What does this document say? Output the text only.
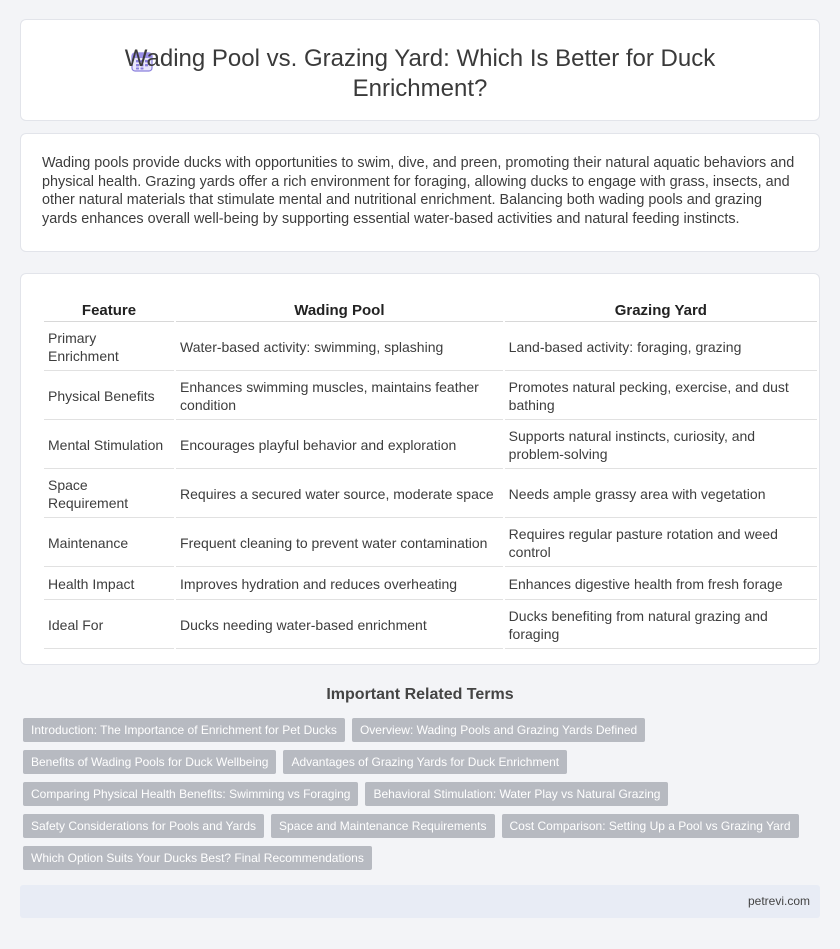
Wading Pool vs. Grazing Yard: Which Is Better for Duck Enrichment?

Wading pools provide ducks with opportunities to swim, dive, and preen, promoting their natural aquatic behaviors and physical health. Grazing yards offer a rich environment for foraging, allowing ducks to engage with grass, insects, and other natural materials that stimulate mental and nutritional enrichment. Balancing both wading pools and grazing yards enhances overall well-being by supporting essential water-based activities and natural feeding instincts.

Feature	Wading Pool	Grazing Yard
Primary Enrichment	Water-based activity: swimming, splashing	Land-based activity: foraging, grazing
Physical Benefits	Enhances swimming muscles, maintains feather condition	Promotes natural pecking, exercise, and dust bathing
Mental Stimulation	Encourages playful behavior and exploration	Supports natural instincts, curiosity, and problem-solving
Space Requirement	Requires a secured water source, moderate space	Needs ample grassy area with vegetation
Maintenance	Frequent cleaning to prevent water contamination	Requires regular pasture rotation and weed control
Health Impact	Improves hydration and reduces overheating	Enhances digestive health from fresh forage
Ideal For	Ducks needing water-based enrichment	Ducks benefiting from natural grazing and foraging
Important Related Terms
Introduction: The Importance of Enrichment for Pet Ducks	Overview: Wading Pools and Grazing Yards Defined
Benefits of Wading Pools for Duck Wellbeing	Advantages of Grazing Yards for Duck Enrichment
Comparing Physical Health Benefits: Swimming vs Foraging	Behavioral Stimulation: Water Play vs Natural Grazing
Safety Considerations for Pools and Yards	Space and Maintenance Requirements	Cost Comparison: Setting Up a Pool vs Grazing Yard
Which Option Suits Your Ducks Best? Final Recommendations
petrevi.com
